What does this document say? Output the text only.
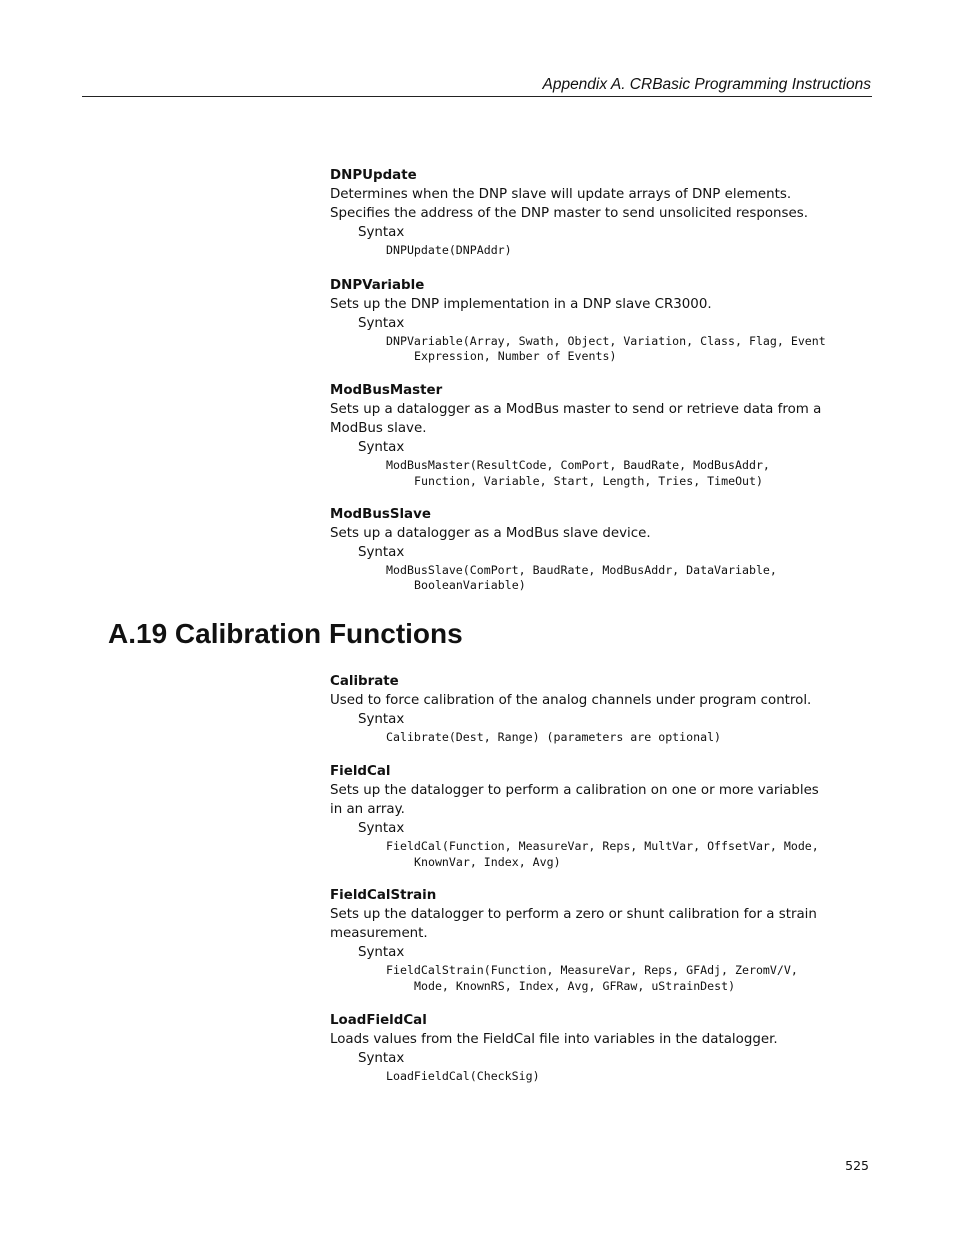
Appendix A. CRBasic Programming Instructions
DNPUpdate
Determines when the DNP slave will update arrays of DNP elements. Specifies the address of the DNP master to send unsolicited responses.
Syntax
DNPUpdate(DNPAddr)
DNPVariable
Sets up the DNP implementation in a DNP slave CR3000.
Syntax
DNPVariable(Array, Swath, Object, Variation, Class, Flag, Event Expression, Number of Events)
ModBusMaster
Sets up a datalogger as a ModBus master to send or retrieve data from a ModBus slave.
Syntax
ModBusMaster(ResultCode, ComPort, BaudRate, ModBusAddr, Function, Variable, Start, Length, Tries, TimeOut)
ModBusSlave
Sets up a datalogger as a ModBus slave device.
Syntax
ModBusSlave(ComPort, BaudRate, ModBusAddr, DataVariable, BooleanVariable)
A.19 Calibration Functions
Calibrate
Used to force calibration of the analog channels under program control.
Syntax
Calibrate(Dest, Range) (parameters are optional)
FieldCal
Sets up the datalogger to perform a calibration on one or more variables in an array.
Syntax
FieldCal(Function, MeasureVar, Reps, MultVar, OffsetVar, Mode, KnownVar, Index, Avg)
FieldCalStrain
Sets up the datalogger to perform a zero or shunt calibration for a strain measurement.
Syntax
FieldCalStrain(Function, MeasureVar, Reps, GFAdj, ZeromV/V, Mode, KnownRS, Index, Avg, GFRaw, uStrainDest)
LoadFieldCal
Loads values from the FieldCal file into variables in the datalogger.
Syntax
LoadFieldCal(CheckSig)
525
